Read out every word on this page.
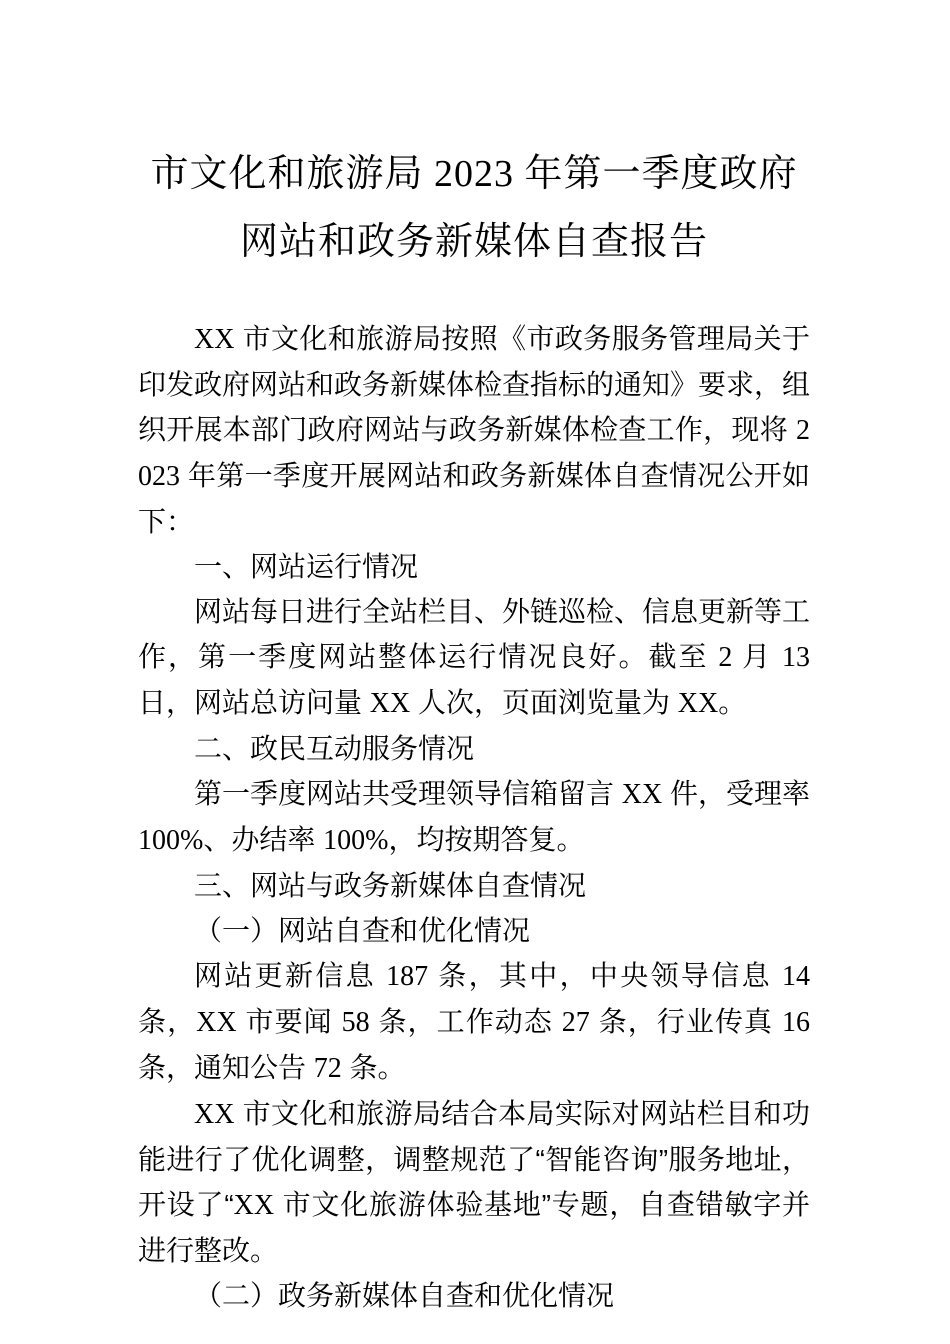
市文化和旅游局 2023 年第一季度政府网站和政务新媒体自查报告

XX 市文化和旅游局按照《市政务服务管理局关于印发政府网站和政务新媒体检查指标的通知》要求，组织开展本部门政府网站与政务新媒体检查工作，现将 2023 年第一季度开展网站和政务新媒体自查情况公开如下：

一、网站运行情况

网站每日进行全站栏目、外链巡检、信息更新等工作，第一季度网站整体运行情况良好。截至 2 月 13 日，网站总访问量 XX 人次，页面浏览量为 XX。

二、政民互动服务情况

第一季度网站共受理领导信箱留言 XX 件，受理率 100%、办结率 100%，均按期答复。

三、网站与政务新媒体自查情况

（一）网站自查和优化情况

网站更新信息 187 条，其中，中央领导信息 14 条，XX 市要闻 58 条，工作动态 27 条，行业传真 16 条，通知公告 72 条。

XX 市文化和旅游局结合本局实际对网站栏目和功能进行了优化调整，调整规范了“智能咨询”服务地址，开设了“XX 市文化旅游体验基地”专题，自查错敏字并进行整改。

（二）政务新媒体自查和优化情况
